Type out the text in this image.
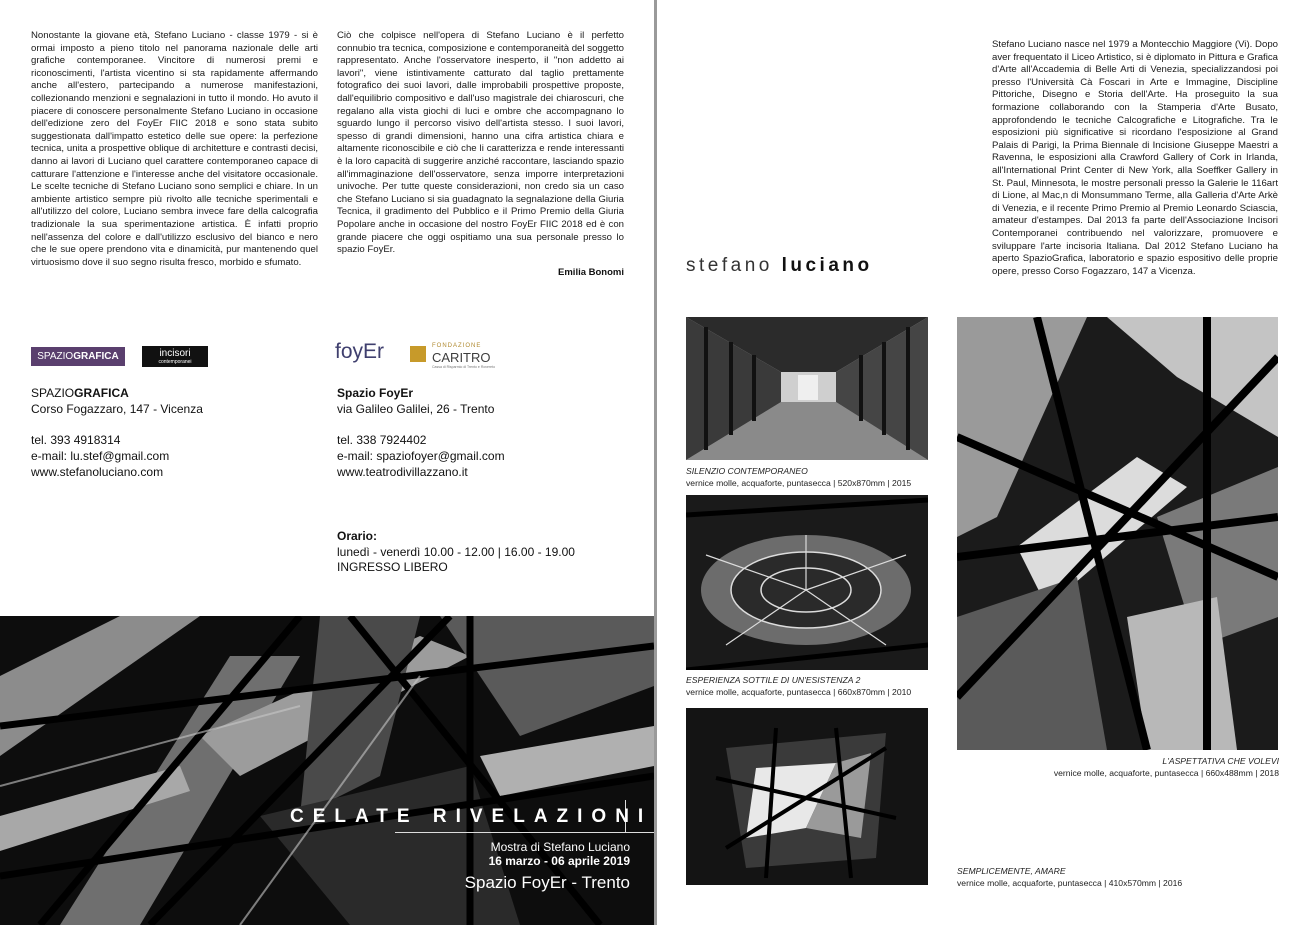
Nonostante la giovane età, Stefano Luciano - classe 1979 - si è ormai imposto a pieno titolo nel panorama nazionale delle arti grafiche contemporanee. Vincitore di numerosi premi e riconoscimenti, l'artista vicentino si sta rapidamente affermando anche all'estero, partecipando a numerose manifestazioni, collezionando menzioni e segnalazioni in tutto il mondo. Ho avuto il piacere di conoscere personalmente Stefano Luciano in occasione dell'edizione zero del FoyEr FIIC 2018 e sono stata subito suggestionata dall'impatto estetico delle sue opere: la perfezione tecnica, unita a prospettive oblique di architetture e contrasti decisi, danno ai lavori di Luciano quel carattere contemporaneo capace di catturare l'attenzione e l'interesse anche del visitatore occasionale. Le scelte tecniche di Stefano Luciano sono semplici e chiare. In un ambiente artistico sempre più rivolto alle tecniche sperimentali e all'utilizzo del colore, Luciano sembra invece fare della calcografia tradizionale la sua sperimentazione artistica. È infatti proprio nell'assenza del colore e dall'utilizzo esclusivo del bianco e nero che le sue opere prendono vita e dinamicità, pur mantenendo quel virtuosismo dove il suo segno risulta fresco, morbido e sfumato.

Ciò che colpisce nell'opera di Stefano Luciano è il perfetto connubio tra tecnica, composizione e contemporaneità del soggetto rappresentato. Anche l'osservatore inesperto, il "non addetto ai lavori", viene istintivamente catturato dal taglio prettamente fotografico dei suoi lavori, dalle improbabili prospettive proposte, dall'equilibrio compositivo e dall'uso magistrale dei chiaroscuri, che regalano alla vista giochi di luci e ombre che accompagnano lo sguardo lungo il percorso visivo dell'artista stesso. I suoi lavori, spesso di grandi dimensioni, hanno una cifra artistica chiara e altamente riconoscibile e ciò che li caratterizza e rende interessanti è la loro capacità di suggerire anziché raccontare, lasciando spazio all'immaginazione dell'osservatore, senza imporre interpretazioni univoche. Per tutte queste considerazioni, non credo sia un caso che Stefano Luciano si sia guadagnato la segnalazione della Giuria Tecnica, il gradimento del Pubblico e il Primo Premio della Giuria Popolare anche in occasione del nostro FoyEr FIIC 2018 ed è con grande piacere che oggi ospitiamo una sua personale presso lo spazio FoyEr.

Emilia Bonomi
SPAZIO GRAFICA	incisori
contemporanei	foyEr	FONDAZIONE
CARITRO
Cassa di Risparmio di Trento e Rovereto
SPAZIOGRAFICA
Corso Fogazzaro, 147 - Vicenza
tel. 393 4918314
e-mail: lu.stef@gmail.com
www.stefanoluciano.com
Spazio FoyEr
via Galileo Galilei, 26 - Trento
tel. 338 7924402
e-mail: spaziofoyer@gmail.com
www.teatrodivillazzano.it
Orario:
lunedì - venerdì 10.00 - 12.00 | 16.00 - 19.00
INGRESSO LIBERO
CELATE RIVELAZIONI
Mostra di Stefano Luciano
16 marzo - 06 aprile 2019
Spazio FoyEr - Trento

Stefano Luciano nasce nel 1979 a Montecchio Maggiore (Vi). Dopo aver frequentato il Liceo Artistico, si è diplomato in Pittura e Grafica d'Arte all'Accademia di Belle Arti di Venezia, specializzandosi poi presso l'Università Cà Foscari in Arte e Immagine, Discipline Pittoriche, Disegno e Storia dell'Arte. Ha proseguito la sua formazione collaborando con la Stamperia d'Arte Busato, approfondendo le tecniche Calcografiche e Litografiche. Tra le esposizioni più significative si ricordano l'esposizione al Grand Palais di Parigi, la Prima Biennale di Incisione Giuseppe Maestri a Ravenna, le esposizioni alla Crawford Gallery of Cork in Irlanda, all'International Print Center di New York, alla Soeffker Gallery in St. Paul, Minnesota, le mostre personali presso la Galerie le 116art di Lione, al Mac,n di Monsummano Terme, alla Galleria d'Arte Arkè di Venezia, e il recente Primo Premio al Premio Leonardo Sciascia, amateur d'estampes. Dal 2013 fa parte dell'Associazione Incisori Contemporanei contribuendo nel valorizzare, promuovere e sviluppare l'arte incisoria Italiana. Dal 2012 Stefano Luciano ha aperto SpazioGrafica, laboratorio e spazio espositivo delle proprie opere, presso Corso Fogazzaro, 147 a Vicenza.

stefano luciano
SILENZIO CONTEMPORANEO
vernice molle, acquaforte, puntasecca | 520x870mm | 2015
ESPERIENZA SOTTILE DI UN'ESISTENZA 2
vernice molle, acquaforte, puntasecca | 660x870mm | 2010
L'ASPETTATIVA CHE VOLEVI
vernice molle, acquaforte, puntasecca | 660x488mm | 2018
SEMPLICEMENTE, AMARE
vernice molle, acquaforte, puntasecca | 410x570mm | 2016
